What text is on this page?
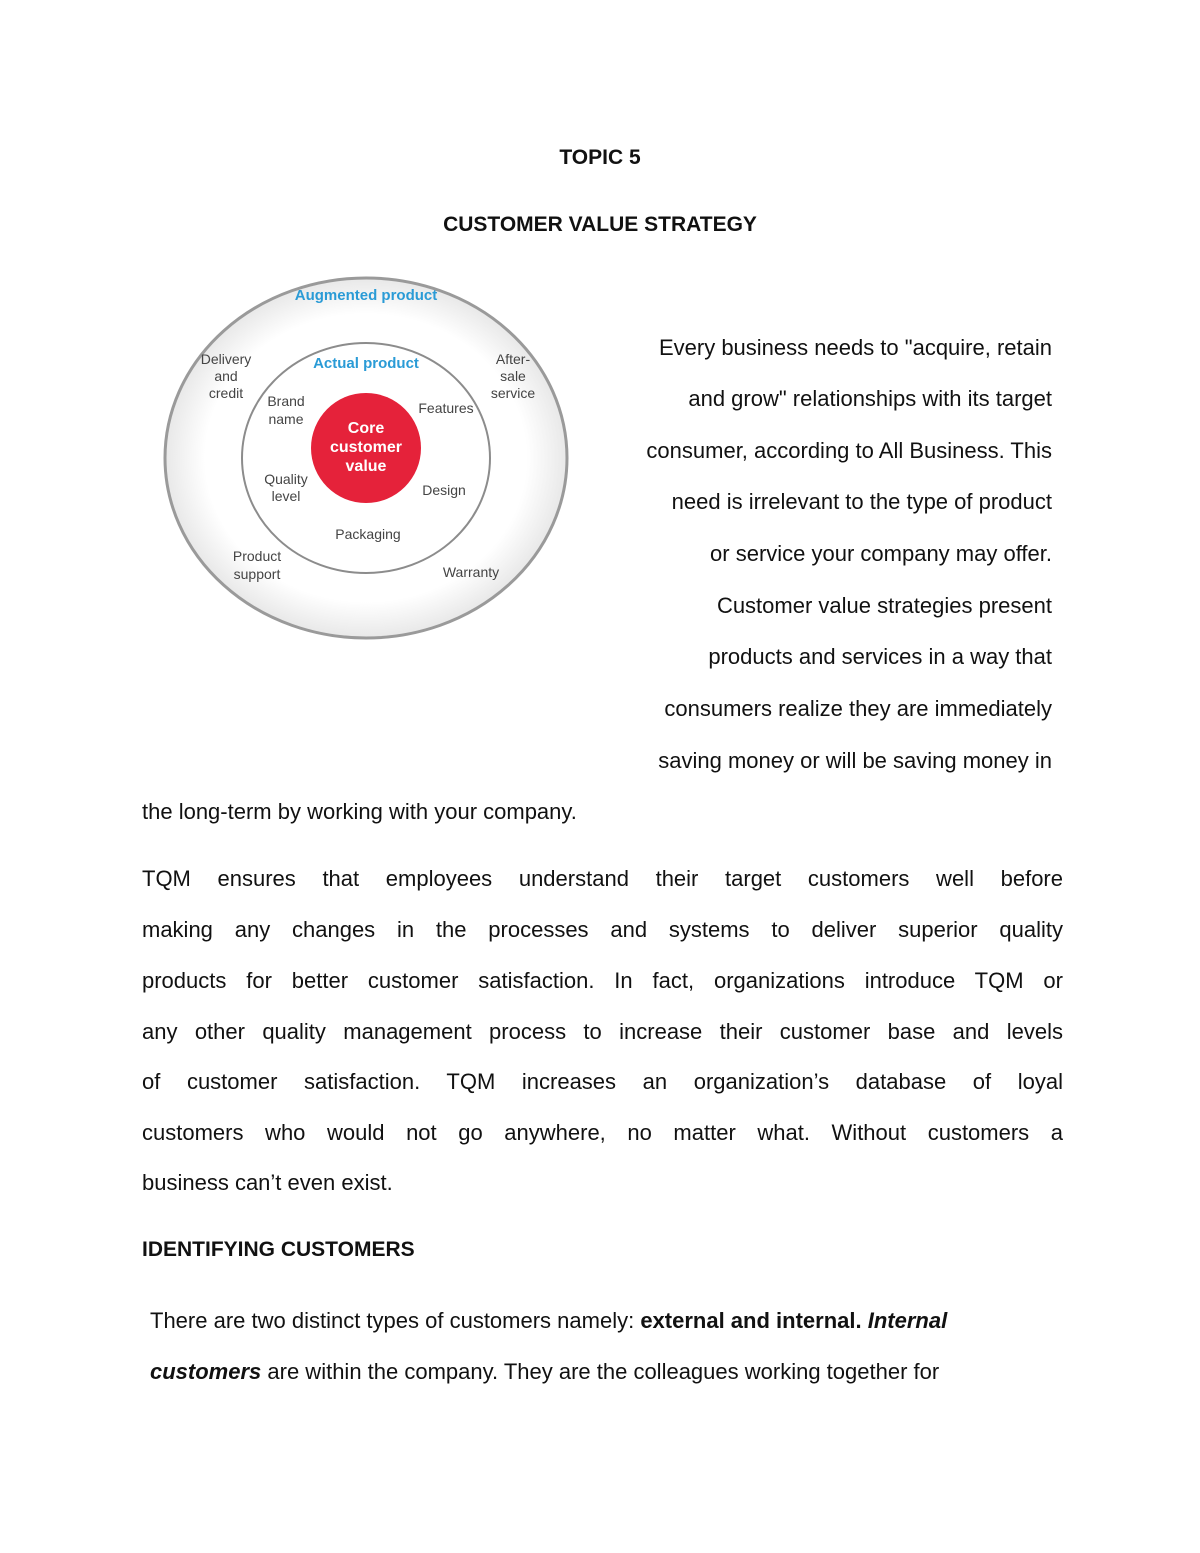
TOPIC 5
CUSTOMER VALUE STRATEGY
Augmented product
Actual product
Core
customer
value
Delivery
and
credit
After-
sale
service
Product
support	Warranty
Brand
name
Features
Quality
level	Design
Packaging

Every business needs to "acquire, retain

and grow" relationships with its target

consumer, according to All Business. This

need is irrelevant to the type of product

or service your company may offer.

Customer value strategies present

products and services in a way that

consumers realize they are immediately

saving money or will be saving money in

the long-term by working with your company.

TQM ensures that employees understand their target customers well before

making any changes in the processes and systems to deliver superior quality

products for better customer satisfaction. In fact, organizations introduce TQM or

any other quality management process to increase their customer base and levels

of customer satisfaction. TQM increases an organization’s database of loyal

customers who would not go anywhere, no matter what. Without customers a

business can’t even exist.

IDENTIFYING CUSTOMERS

There are two distinct types of customers namely: external and internal. Internal

customers are within the company. They are the colleagues working together for
